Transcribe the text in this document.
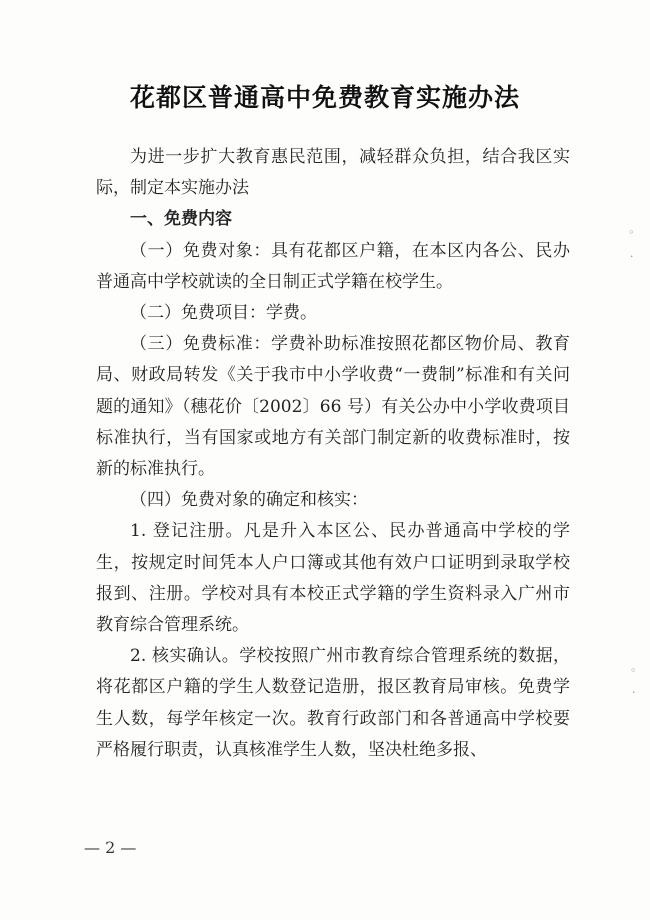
花都区普通高中免费教育实施办法

为进一步扩大教育惠民范围，减轻群众负担，结合我区实际，制定本实施办法

一、免费内容

（一）免费对象：具有花都区户籍，在本区内各公、民办普通高中学校就读的全日制正式学籍在校学生。

（二）免费项目：学费。

（三）免费标准：学费补助标准按照花都区物价局、教育局、财政局转发《关于我市中小学收费“一费制”标准和有关问题的通知》（穗花价〔2002〕66 号）有关公办中小学收费项目标准执行，当有国家或地方有关部门制定新的收费标准时，按新的标准执行。

（四）免费对象的确定和核实：

1. 登记注册。凡是升入本区公、民办普通高中学校的学生，按规定时间凭本人户口簿或其他有效户口证明到录取学校报到、注册。学校对具有本校正式学籍的学生资料录入广州市教育综合管理系统。

2. 核实确认。学校按照广州市教育综合管理系统的数据，将花都区户籍的学生人数登记造册，报区教育局审核。免费学生人数，每学年核定一次。教育行政部门和各普通高中学校要严格履行职责，认真核准学生人数，坚决杜绝多报、

— 2 —
◦
·
◦
·
